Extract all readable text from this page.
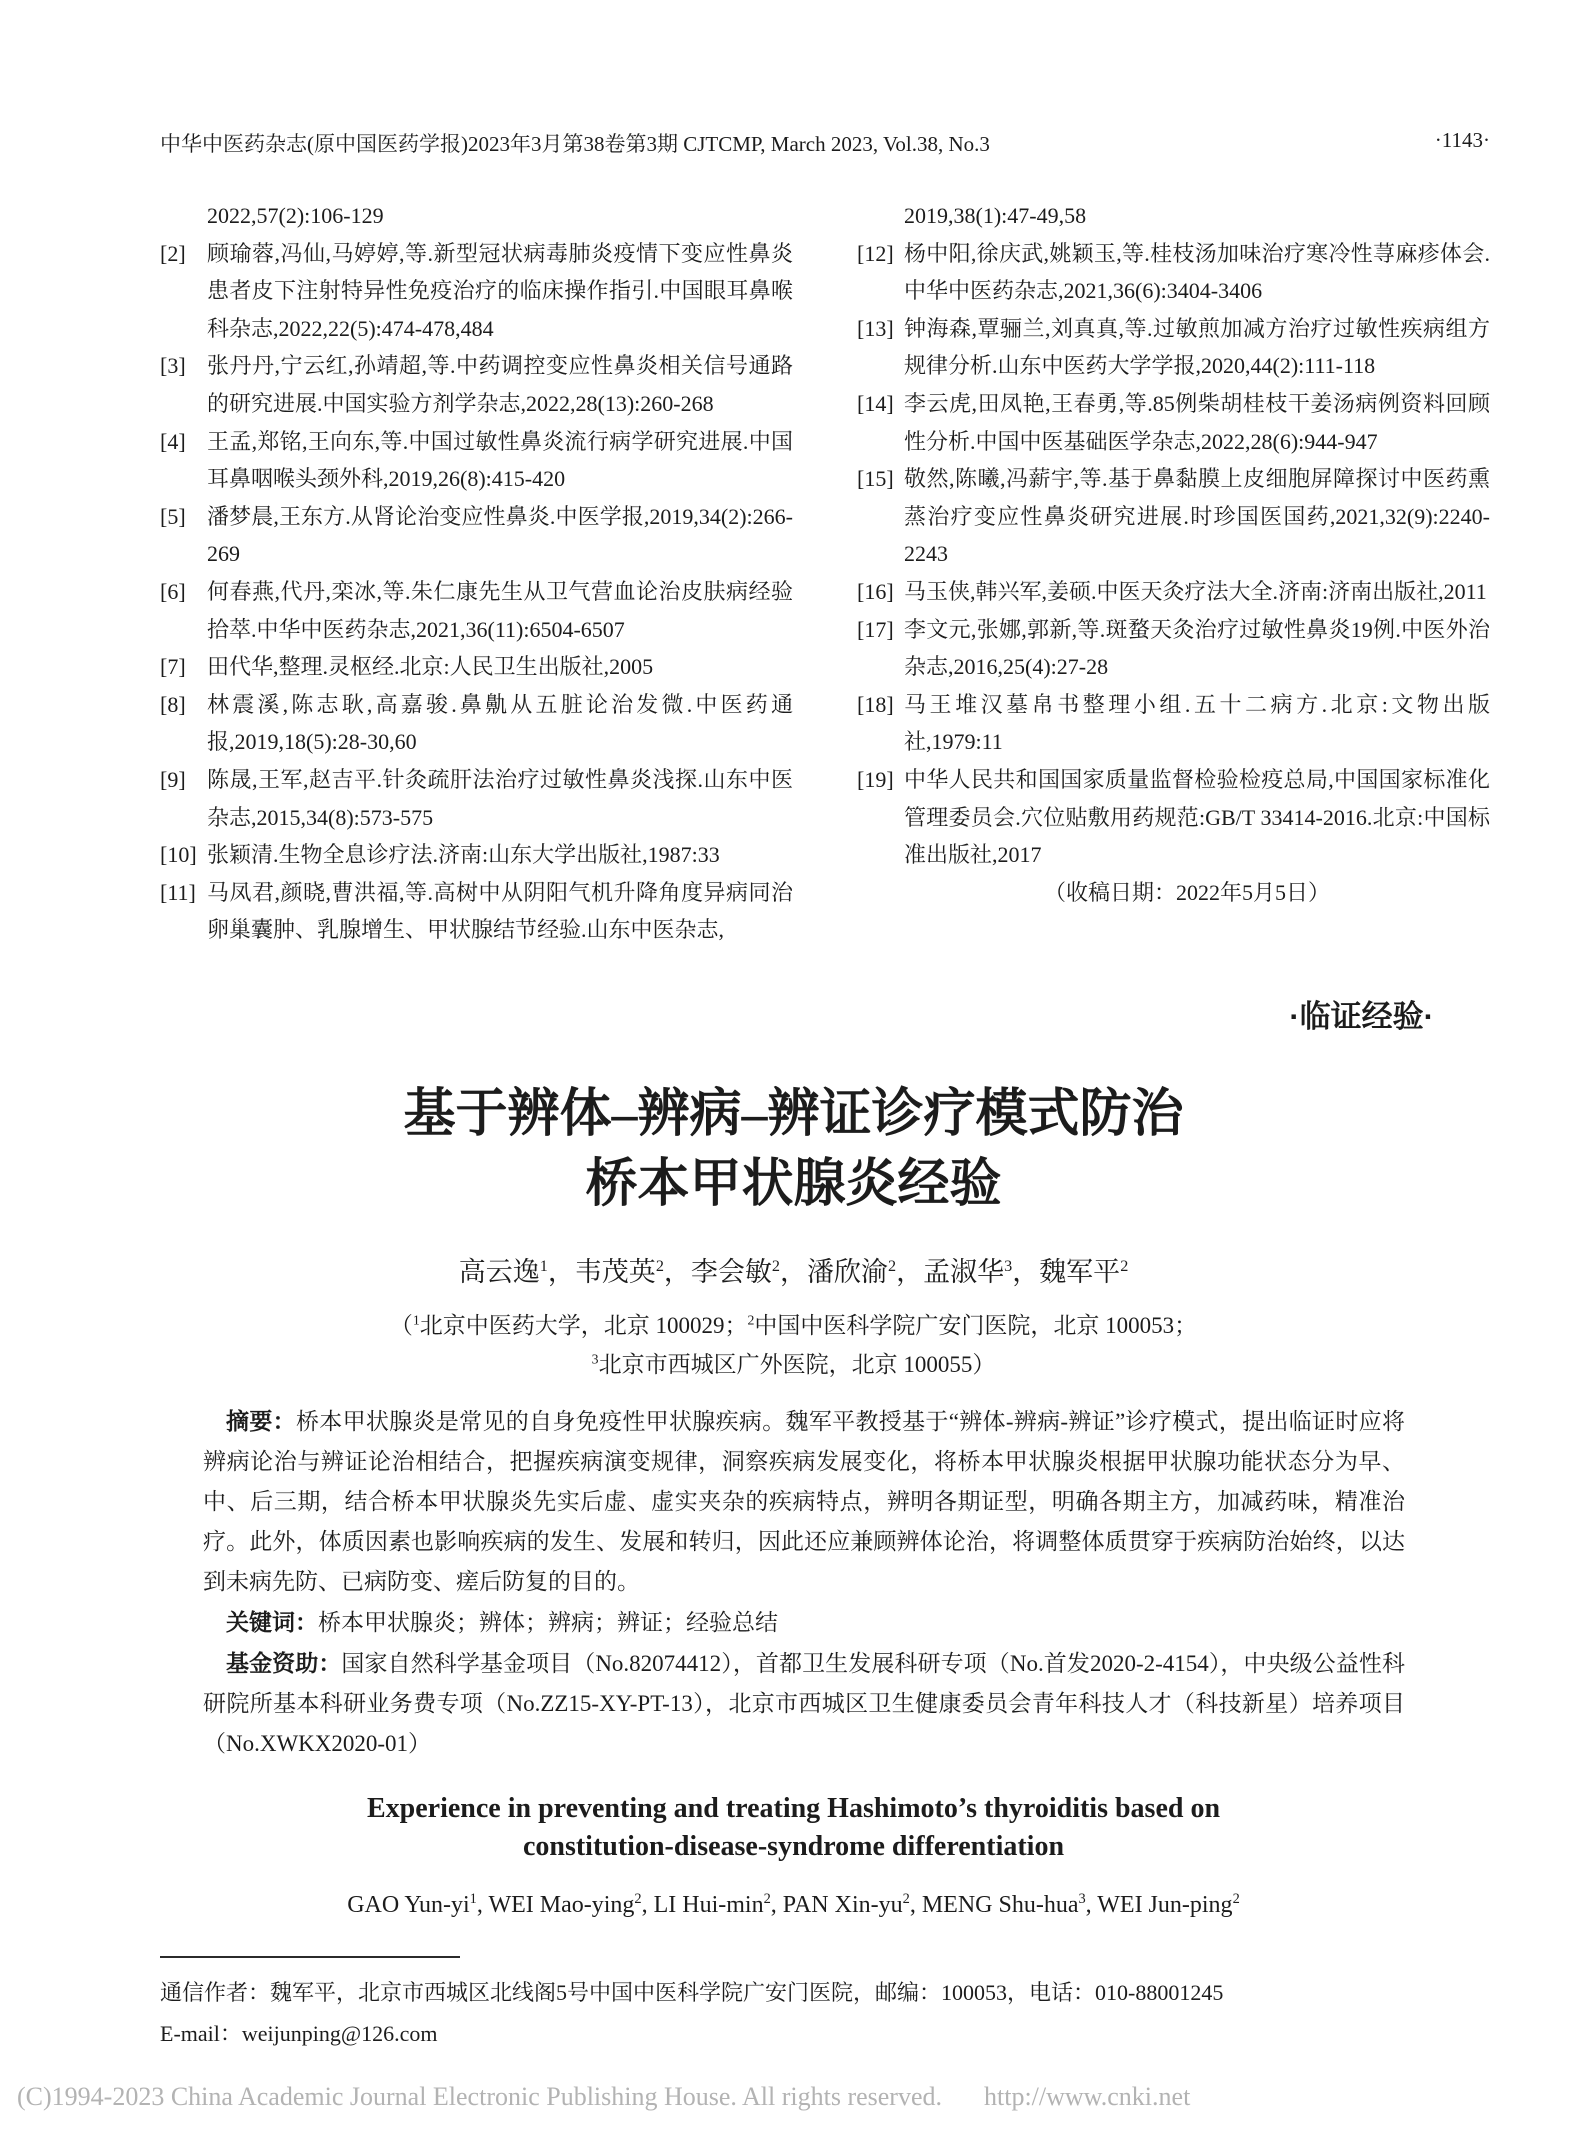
中华中医药杂志(原中国医药学报)2023年3月第38卷第3期 CJTCMP, March 2023, Vol.38, No.3	·1143·
2022,57(2):106-129
[2] 顾瑜蓉,冯仙,马婷婷,等.新型冠状病毒肺炎疫情下变应性鼻炎患者皮下注射特异性免疫治疗的临床操作指引.中国眼耳鼻喉科杂志,2022,22(5):474-478,484
[3] 张丹丹,宁云红,孙靖超,等.中药调控变应性鼻炎相关信号通路的研究进展.中国实验方剂学杂志,2022,28(13):260-268
[4] 王孟,郑铭,王向东,等.中国过敏性鼻炎流行病学研究进展.中国耳鼻咽喉头颈外科,2019,26(8):415-420
[5] 潘梦晨,王东方.从肾论治变应性鼻炎.中医学报,2019,34(2):266-269
[6] 何春燕,代丹,栾冰,等.朱仁康先生从卫气营血论治皮肤病经验拾萃.中华中医药杂志,2021,36(11):6504-6507
[7] 田代华,整理.灵枢经.北京:人民卫生出版社,2005
[8] 林震溪,陈志耿,高嘉骏.鼻鼽从五脏论治发微.中医药通报,2019,18(5):28-30,60
[9] 陈晟,王军,赵吉平.针灸疏肝法治疗过敏性鼻炎浅探.山东中医杂志,2015,34(8):573-575
[10] 张颖清.生物全息诊疗法.济南:山东大学出版社,1987:33
[11] 马凤君,颜晓,曹洪福,等.高树中从阴阳气机升降角度异病同治卵巢囊肿、乳腺增生、甲状腺结节经验.山东中医杂志,
2019,38(1):47-49,58
[12] 杨中阳,徐庆武,姚颖玉,等.桂枝汤加味治疗寒冷性荨麻疹体会.中华中医药杂志,2021,36(6):3404-3406
[13] 钟海森,覃骊兰,刘真真,等.过敏煎加减方治疗过敏性疾病组方规律分析.山东中医药大学学报,2020,44(2):111-118
[14] 李云虎,田凤艳,王春勇,等.85例柴胡桂枝干姜汤病例资料回顾性分析.中国中医基础医学杂志,2022,28(6):944-947
[15] 敬然,陈曦,冯薪宇,等.基于鼻黏膜上皮细胞屏障探讨中医药熏蒸治疗变应性鼻炎研究进展.时珍国医国药,2021,32(9):2240-2243
[16] 马玉侠,韩兴军,姜硕.中医天灸疗法大全.济南:济南出版社,2011
[17] 李文元,张娜,郭新,等.斑蝥天灸治疗过敏性鼻炎19例.中医外治杂志,2016,25(4):27-28
[18] 马王堆汉墓帛书整理小组.五十二病方.北京:文物出版社,1979:11
[19] 中华人民共和国国家质量监督检验检疫总局,中国国家标准化管理委员会.穴位贴敷用药规范:GB/T 33414-2016.北京:中国标准出版社,2017
（收稿日期：2022年5月5日）
·临证经验·
基于辨体–辨病–辨证诊疗模式防治
桥本甲状腺炎经验
高云逸$^1$，韦茂英$^2$，李会敏$^2$，潘欣渝$^2$，孟淑华$^3$，魏军平$^2$
（$^1$北京中医药大学，北京 100029；$^2$中国中医科学院广安门医院，北京 100053；
$^3$北京市西城区广外医院，北京 100055）

摘要：桥本甲状腺炎是常见的自身免疫性甲状腺疾病。魏军平教授基于“辨体-辨病-辨证”诊疗模式，提出临证时应将辨病论治与辨证论治相结合，把握疾病演变规律，洞察疾病发展变化，将桥本甲状腺炎根据甲状腺功能状态分为早、中、后三期，结合桥本甲状腺炎先实后虚、虚实夹杂的疾病特点，辨明各期证型，明确各期主方，加减药味，精准治疗。此外，体质因素也影响疾病的发生、发展和转归，因此还应兼顾辨体论治，将调整体质贯穿于疾病防治始终，以达到未病先防、已病防变、瘥后防复的目的。

关键词：桥本甲状腺炎；辨体；辨病；辨证；经验总结

基金资助：国家自然科学基金项目（No.82074412），首都卫生发展科研专项（No.首发2020-2-4154），中央级公益性科研院所基本科研业务费专项（No.ZZ15-XY-PT-13），北京市西城区卫生健康委员会青年科技人才（科技新星）培养项目（No.XWKX2020-01）

Experience in preventing and treating Hashimoto’s thyroiditis based on
constitution-disease-syndrome differentiation
GAO Yun-$yi^1$, WEI Mao-ying$^2$, LI Hui-$\min^2$, PAN Xin-$yu^2$, MENG Shu-hua$^3$, WEI Jun-ping$^2$

通信作者：魏军平，北京市西城区北线阁5号中国中医科学院广安门医院，邮编：100053，电话：010-88001245

E-mail：weijunping@126.com

(C)1994-2023 China Academic Journal Electronic Publishing House. All rights reserved. http://www.cnki.net
